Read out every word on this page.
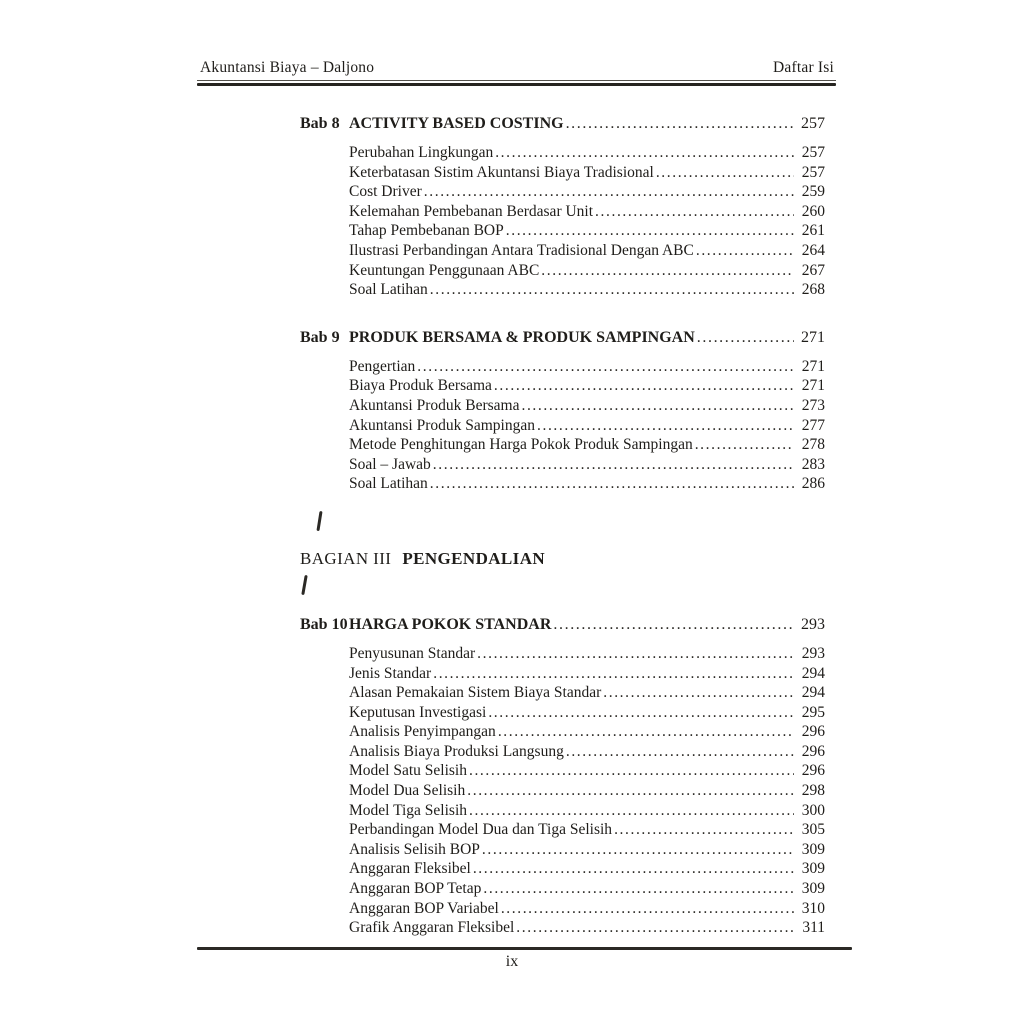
Akuntansi Biaya – Daljono	Daftar Isi
Bab 8 ACTIVITY BASED COSTING .....	257
Perubahan Lingkungan .....	257
Keterbatasan Sistim Akuntansi Biaya Tradisional .....	257
Cost Driver .....	259
Kelemahan Pembebanan Berdasar Unit .....	260
Tahap Pembebanan BOP .....	261
Ilustrasi Perbandingan Antara Tradisional Dengan ABC .....	264
Keuntungan Penggunaan ABC .....	267
Soal Latihan .....	268
Bab 9 PRODUK BERSAMA & PRODUK SAMPINGAN .....	271
Pengertian .....	271
Biaya Produk Bersama .....	271
Akuntansi Produk Bersama .....	273
Akuntansi Produk Sampingan .....	277
Metode Penghitungan Harga Pokok Produk Sampingan .....	278
Soal – Jawab .....	283
Soal Latihan .....	286
BAGIAN III PENGENDALIAN
Bab 10 HARGA POKOK STANDAR .....	293
Penyusunan Standar .....	293
Jenis Standar .....	294
Alasan Pemakaian Sistem Biaya Standar .....	294
Keputusan Investigasi .....	295
Analisis Penyimpangan .....	296
Analisis Biaya Produksi Langsung .....	296
Model Satu Selisih .....	296
Model Dua Selisih .....	298
Model Tiga Selisih .....	300
Perbandingan Model Dua dan Tiga Selisih .....	305
Analisis Selisih BOP .....	309
Anggaran Fleksibel .....	309
Anggaran BOP Tetap .....	309
Anggaran BOP Variabel .....	310
Grafik Anggaran Fleksibel .....	311
ix
